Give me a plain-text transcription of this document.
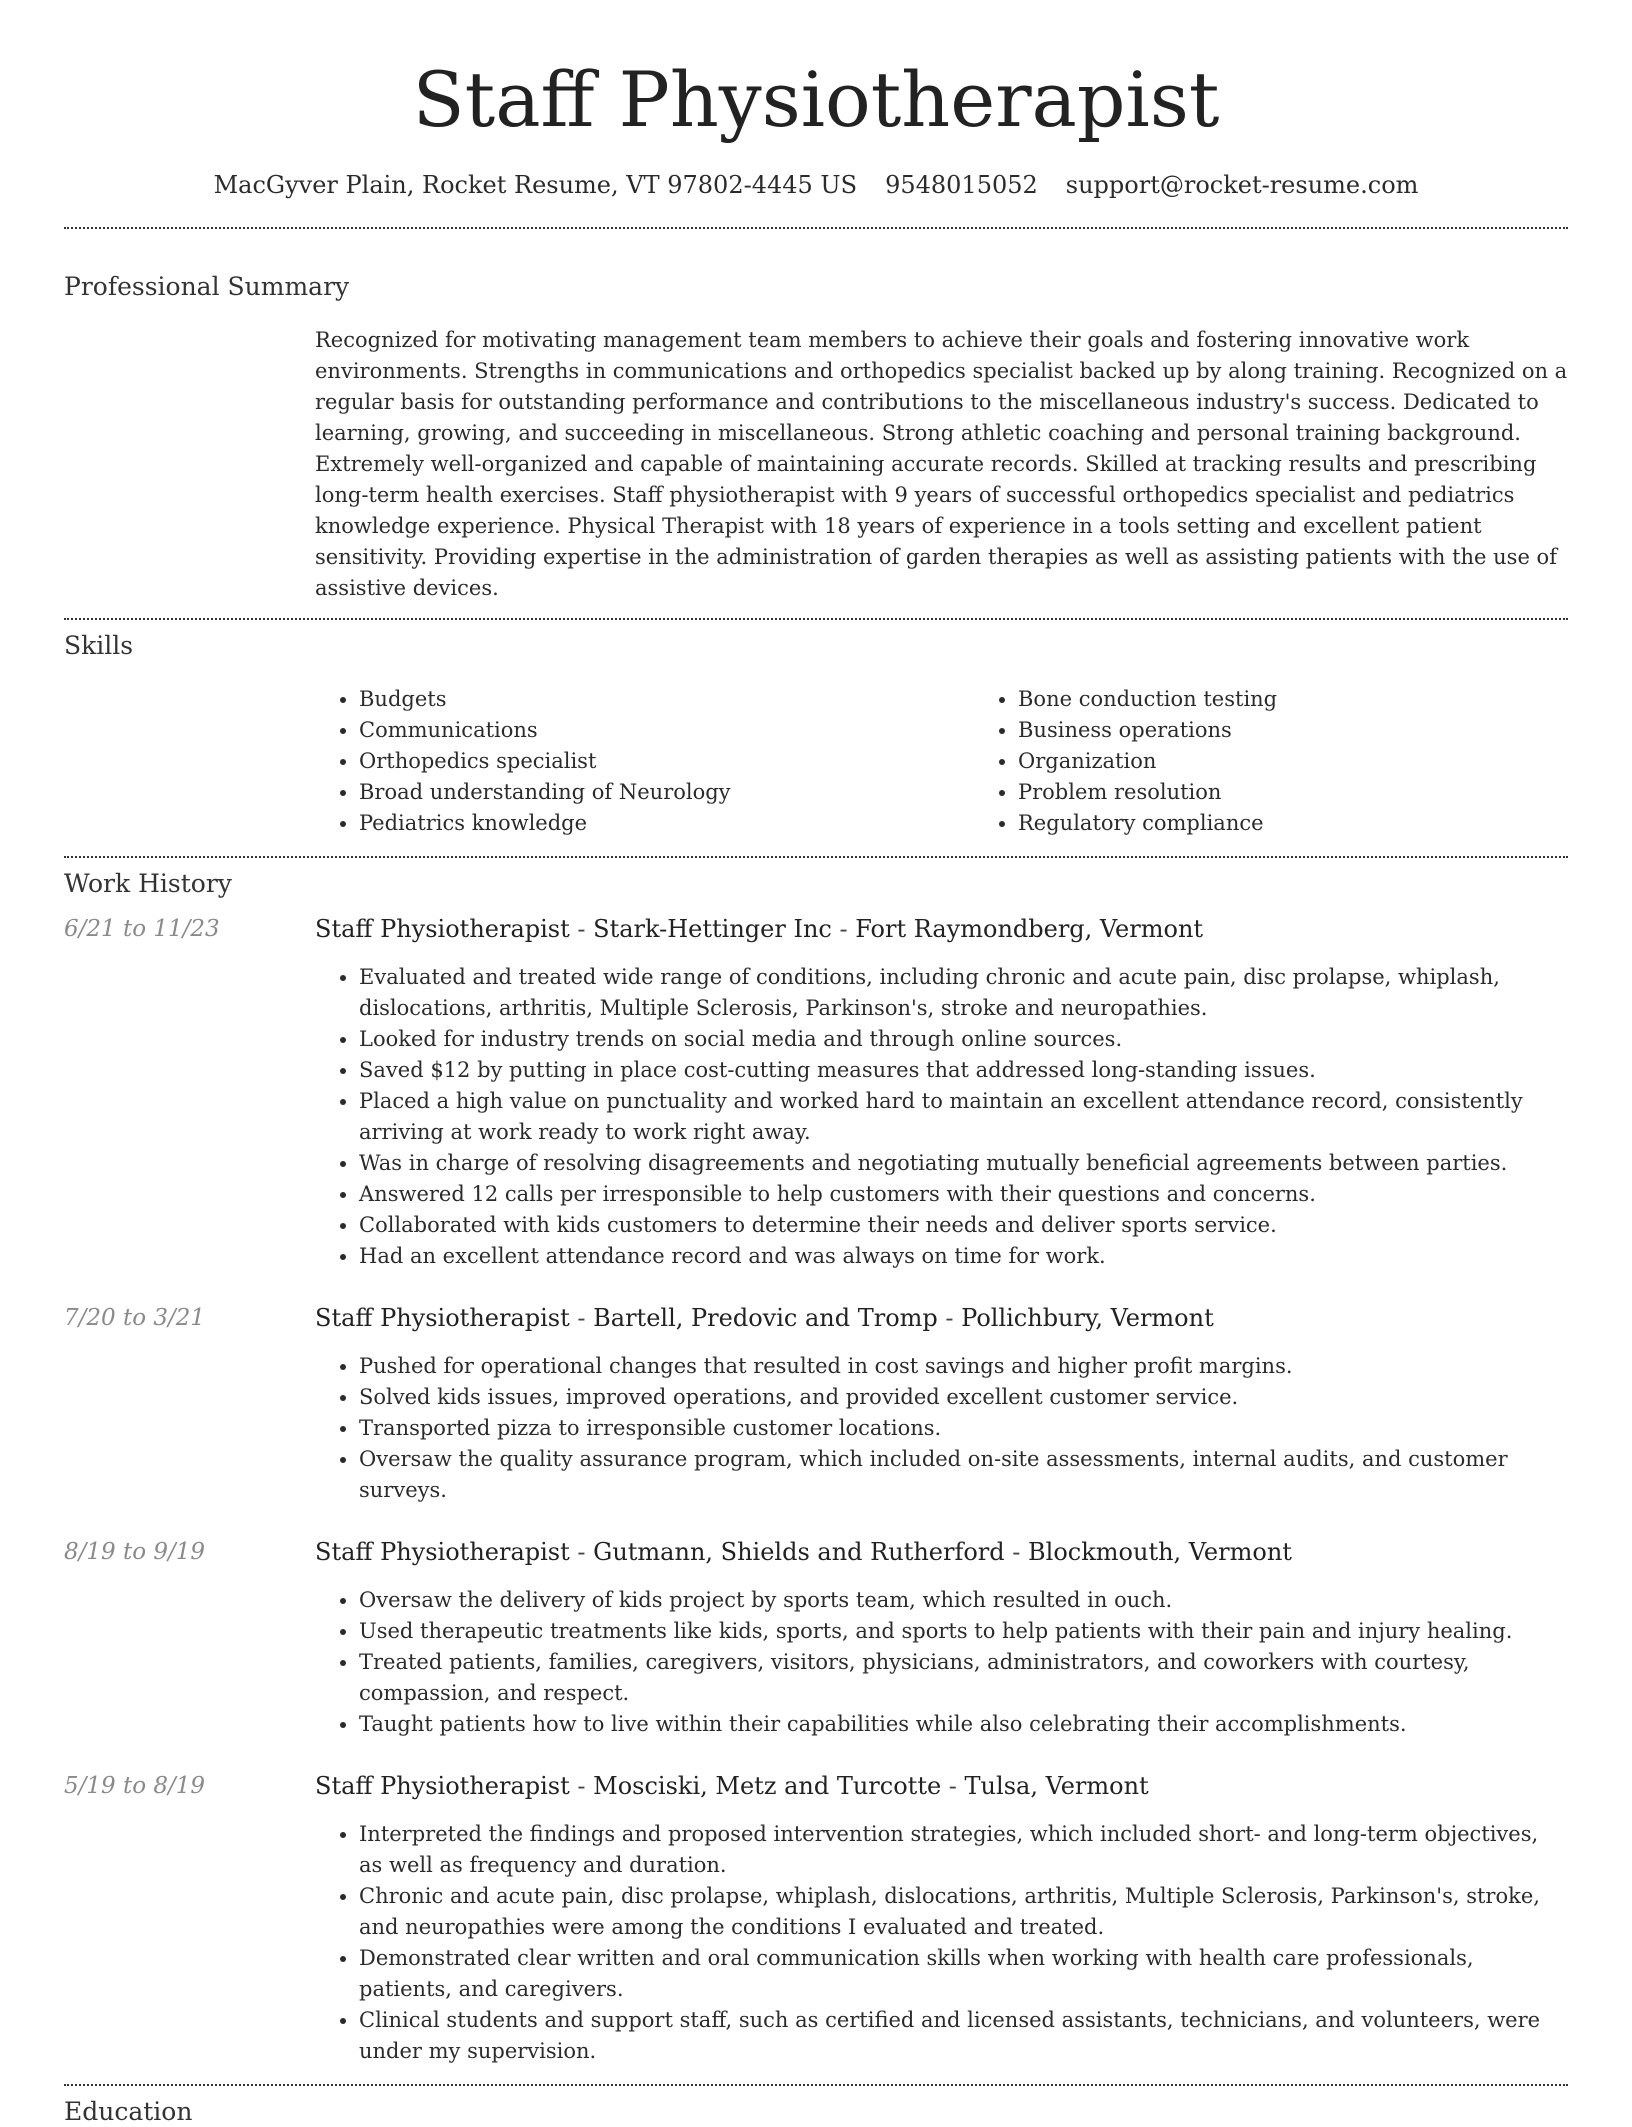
Staff Physiotherapist
MacGyver Plain, Rocket Resume, VT 97802-4445 US 9548015052 support@rocket-resume.com
Professional Summary

Recognized for motivating management team members to achieve their goals and fostering innovative work environments. Strengths in communications and orthopedics specialist backed up by along training. Recognized on a regular basis for outstanding performance and contributions to the miscellaneous industry's success. Dedicated to learning, growing, and succeeding in miscellaneous. Strong athletic coaching and personal training background. Extremely well-organized and capable of maintaining accurate records. Skilled at tracking results and prescribing long-term health exercises. Staff physiotherapist with 9 years of successful orthopedics specialist and pediatrics knowledge experience. Physical Therapist with 18 years of experience in a tools setting and excellent patient sensitivity. Providing expertise in the administration of garden therapies as well as assisting patients with the use of assistive devices.

Skills
• Budgets
• Communications
• Orthopedics specialist
• Broad understanding of Neurology
• Pediatrics knowledge
• Bone conduction testing
• Business operations
• Organization
• Problem resolution
• Regulatory compliance
Work History
6/21 to 11/23	Staff Physiotherapist - Stark-Hettinger Inc - Fort Raymondberg, Vermont
• Evaluated and treated wide range of conditions, including chronic and acute pain, disc prolapse, whiplash, dislocations, arthritis, Multiple Sclerosis, Parkinson's, stroke and neuropathies.
• Looked for industry trends on social media and through online sources.
• Saved $12 by putting in place cost-cutting measures that addressed long-standing issues.
• Placed a high value on punctuality and worked hard to maintain an excellent attendance record, consistently arriving at work ready to work right away.
• Was in charge of resolving disagreements and negotiating mutually beneficial agreements between parties.
• Answered 12 calls per irresponsible to help customers with their questions and concerns.
• Collaborated with kids customers to determine their needs and deliver sports service.
• Had an excellent attendance record and was always on time for work.
7/20 to 3/21	Staff Physiotherapist - Bartell, Predovic and Tromp - Pollichbury, Vermont
• Pushed for operational changes that resulted in cost savings and higher profit margins.
• Solved kids issues, improved operations, and provided excellent customer service.
• Transported pizza to irresponsible customer locations.
• Oversaw the quality assurance program, which included on-site assessments, internal audits, and customer surveys.
8/19 to 9/19	Staff Physiotherapist - Gutmann, Shields and Rutherford - Blockmouth, Vermont
• Oversaw the delivery of kids project by sports team, which resulted in ouch.
• Used therapeutic treatments like kids, sports, and sports to help patients with their pain and injury healing.
• Treated patients, families, caregivers, visitors, physicians, administrators, and coworkers with courtesy, compassion, and respect.
• Taught patients how to live within their capabilities while also celebrating their accomplishments.
5/19 to 8/19	Staff Physiotherapist - Mosciski, Metz and Turcotte - Tulsa, Vermont
• Interpreted the findings and proposed intervention strategies, which included short- and long-term objectives, as well as frequency and duration.
• Chronic and acute pain, disc prolapse, whiplash, dislocations, arthritis, Multiple Sclerosis, Parkinson's, stroke, and neuropathies were among the conditions I evaluated and treated.
• Demonstrated clear written and oral communication skills when working with health care professionals, patients, and caregivers.
• Clinical students and support staff, such as certified and licensed assistants, technicians, and volunteers, were under my supervision.
Education
